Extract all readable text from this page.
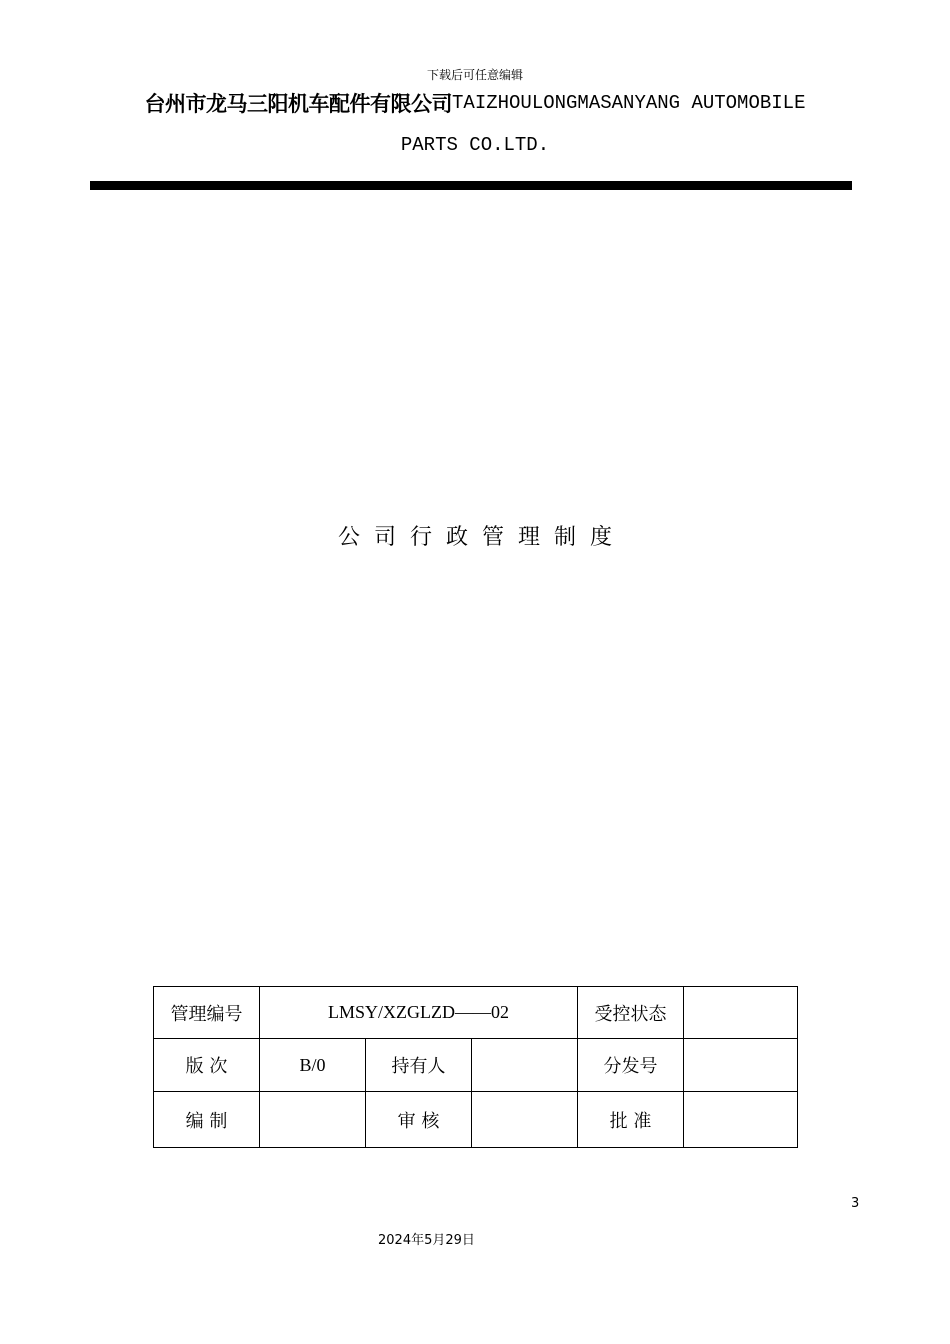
下载后可任意编辑
台州市龙马三阳机车配件有限公司TAIZHOULONGMASANYANG AUTOMOBILE
PARTS CO.LTD.
公司行政管理制度
管理编号	LMSY/XZGLZD——02			受控状态	
版 次	B/0	持有人		分发号	
编 制		审 核		批 准	
3
2024年5月29日
